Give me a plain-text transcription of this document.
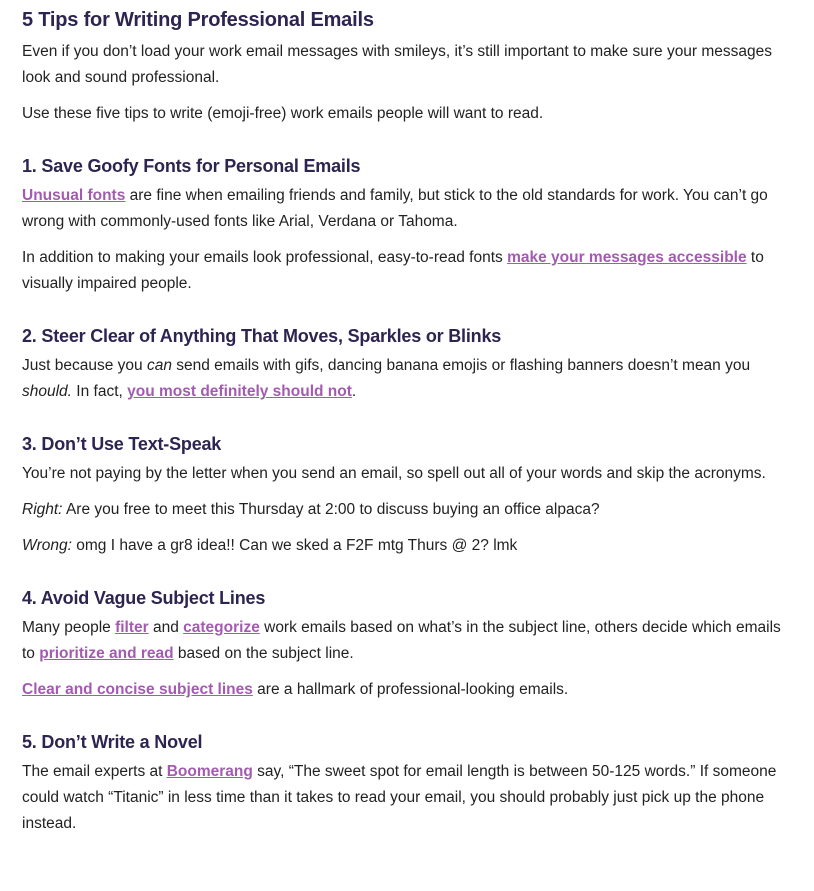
5 Tips for Writing Professional Emails

Even if you don’t load your work email messages with smileys, it’s still important to make sure your messages look and sound professional.

Use these five tips to write (emoji-free) work emails people will want to read.

1. Save Goofy Fonts for Personal Emails

Unusual fonts are fine when emailing friends and family, but stick to the old standards for work. You can’t go wrong with commonly-used fonts like Arial, Verdana or Tahoma.

In addition to making your emails look professional, easy-to-read fonts make your messages accessible to visually impaired people.

2. Steer Clear of Anything That Moves, Sparkles or Blinks

Just because you can send emails with gifs, dancing banana emojis or flashing banners doesn’t mean you should. In fact, you most definitely should not.

3. Don’t Use Text-Speak

You’re not paying by the letter when you send an email, so spell out all of your words and skip the acronyms.

Right: Are you free to meet this Thursday at 2:00 to discuss buying an office alpaca?

Wrong: omg I have a gr8 idea!! Can we sked a F2F mtg Thurs @ 2? lmk

4. Avoid Vague Subject Lines

Many people filter and categorize work emails based on what’s in the subject line, others decide which emails to prioritize and read based on the subject line.

Clear and concise subject lines are a hallmark of professional-looking emails.

5. Don’t Write a Novel

The email experts at Boomerang say, “The sweet spot for email length is between 50-125 words.” If someone could watch “Titanic” in less time than it takes to read your email, you should probably just pick up the phone instead.
